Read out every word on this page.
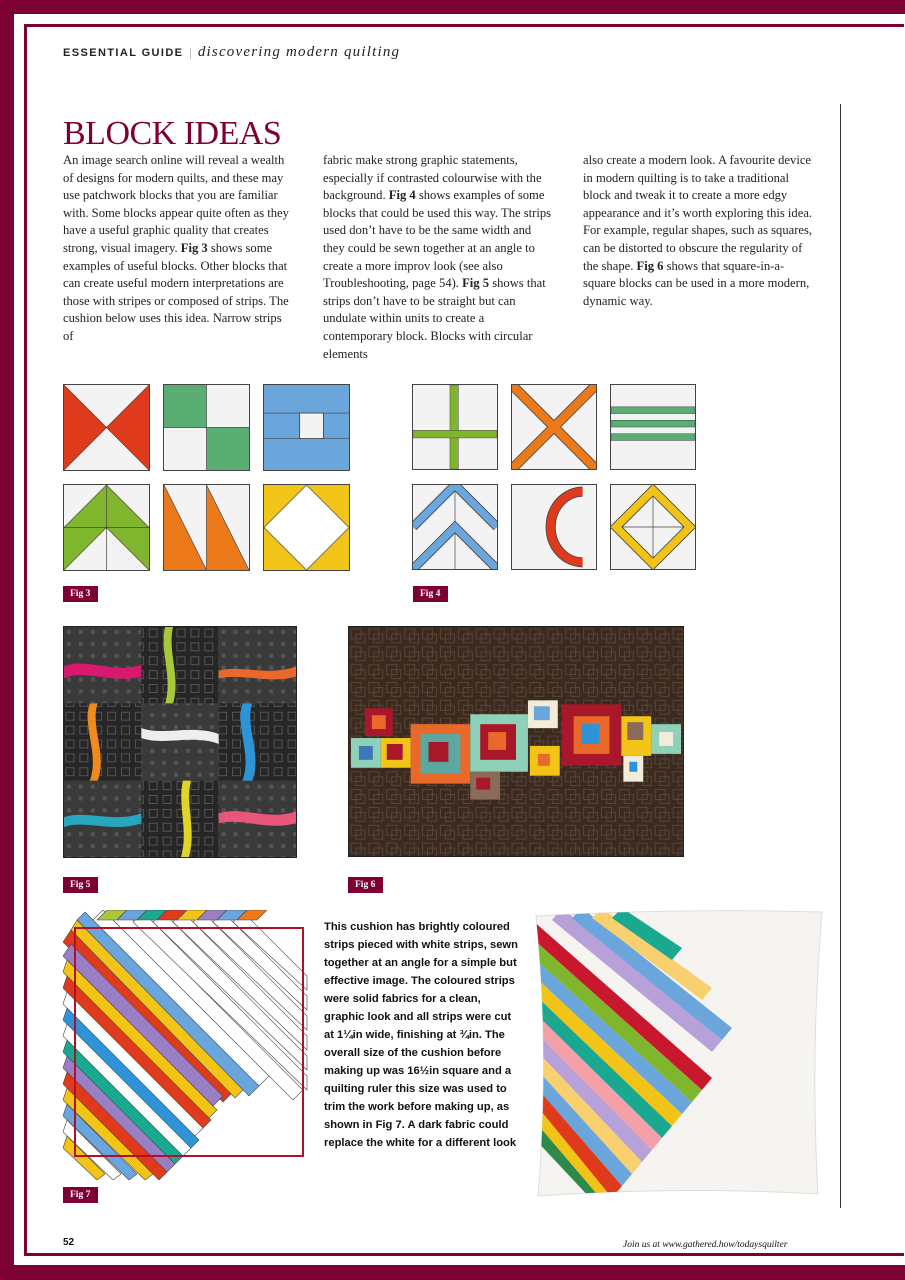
ESSENTIAL GUIDE | discovering modern quilting
BLOCK IDEAS

An image search online will reveal a wealth of designs for modern quilts, and these may use patchwork blocks that you are familiar with. Some blocks appear quite often as they have a useful graphic quality that creates strong, visual imagery. Fig 3 shows some examples of useful blocks. Other blocks that can create useful modern interpretations are those with stripes or composed of strips. The cushion below uses this idea. Narrow strips of

fabric make strong graphic statements, especially if contrasted colourwise with the background. Fig 4 shows examples of some blocks that could be used this way. The strips used don’t have to be the same width and they could be sewn together at an angle to create a more improv look (see also Troubleshooting, page 54). Fig 5 shows that strips don’t have to be straight but can undulate within units to create a contemporary block. Blocks with circular elements

also create a modern look. A favourite device in modern quilting is to take a traditional block and tweak it to create a more edgy appearance and it’s worth exploring this idea. For example, regular shapes, such as squares, can be distorted to obscure the regularity of the shape. Fig 6 shows that square-in-a-square blocks can be used in a more modern, dynamic way.

Fig 3	Fig 4
Fig 5	Fig 6
Fig 7
This cushion has brightly coloured strips pieced with white strips, sewn together at an angle for a simple but effective image. The coloured strips were solid fabrics for a clean, graphic look and all strips were cut at 1¼in wide, finishing at ¾in. The overall size of the cushion before making up was 16½in square and a quilting ruler this size was used to trim the work before making up, as shown in Fig 7. A dark fabric could replace the white for a different look
52	Join us at www.gathered.how/todaysquilter
